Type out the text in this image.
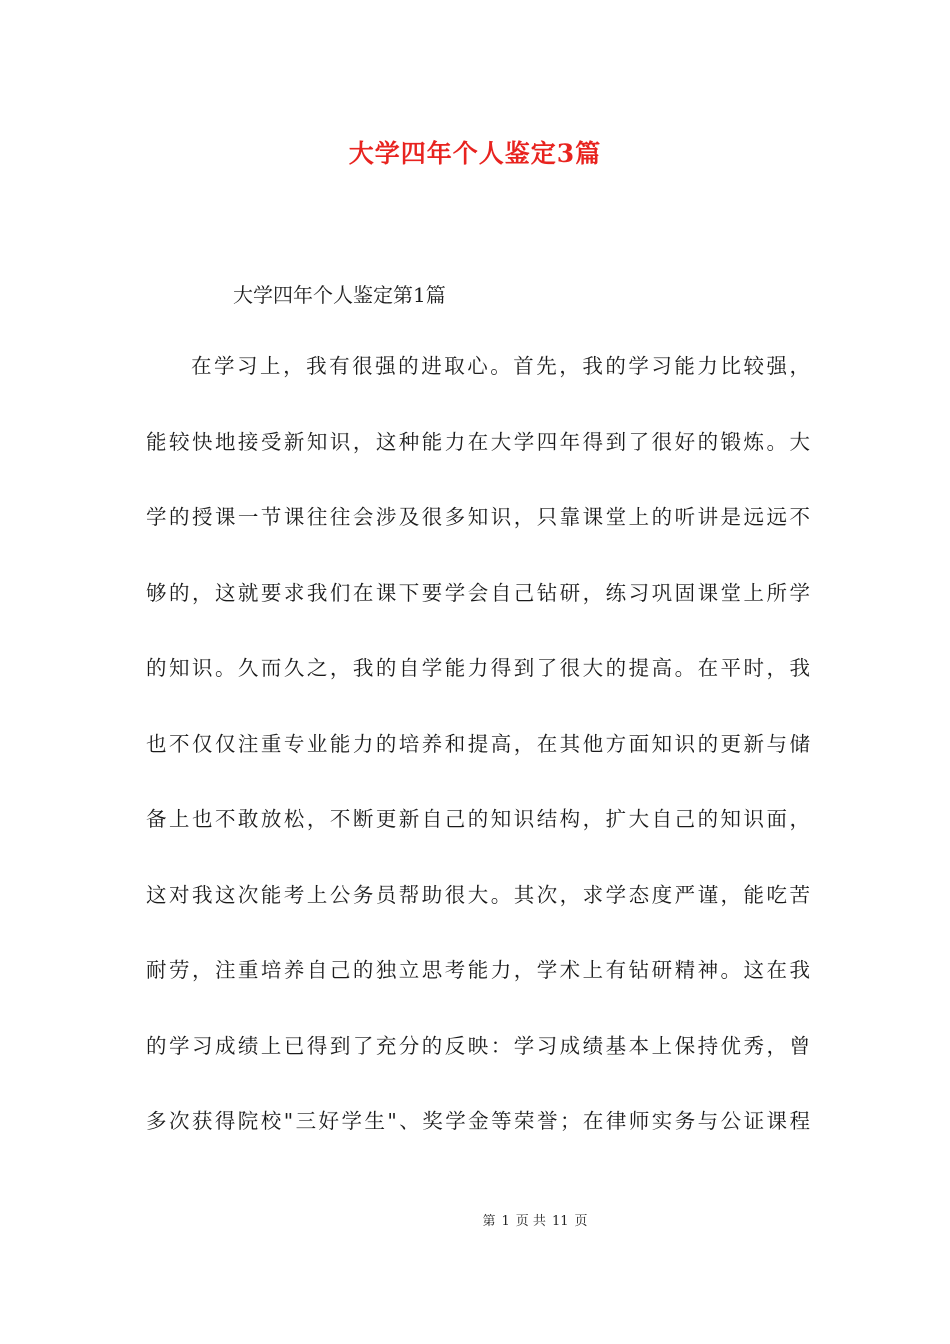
大学四年个人鉴定3篇
大学四年个人鉴定第1篇
在学习上，我有很强的进取心。首先，我的学习能力比较强，
能较快地接受新知识，这种能力在大学四年得到了很好的锻炼。大
学的授课一节课往往会涉及很多知识，只靠课堂上的听讲是远远不
够的，这就要求我们在课下要学会自己钻研，练习巩固课堂上所学
的知识。久而久之，我的自学能力得到了很大的提高。在平时，我
也不仅仅注重专业能力的培养和提高，在其他方面知识的更新与储
备上也不敢放松，不断更新自己的知识结构，扩大自己的知识面，
这对我这次能考上公务员帮助很大。其次，求学态度严谨，能吃苦
耐劳，注重培养自己的独立思考能力，学术上有钻研精神。这在我
的学习成绩上已得到了充分的反映：学习成绩基本上保持优秀，曾
多次获得院校"三好学生"、奖学金等荣誉；在律师实务与公证课程
第 1 页 共 11 页
